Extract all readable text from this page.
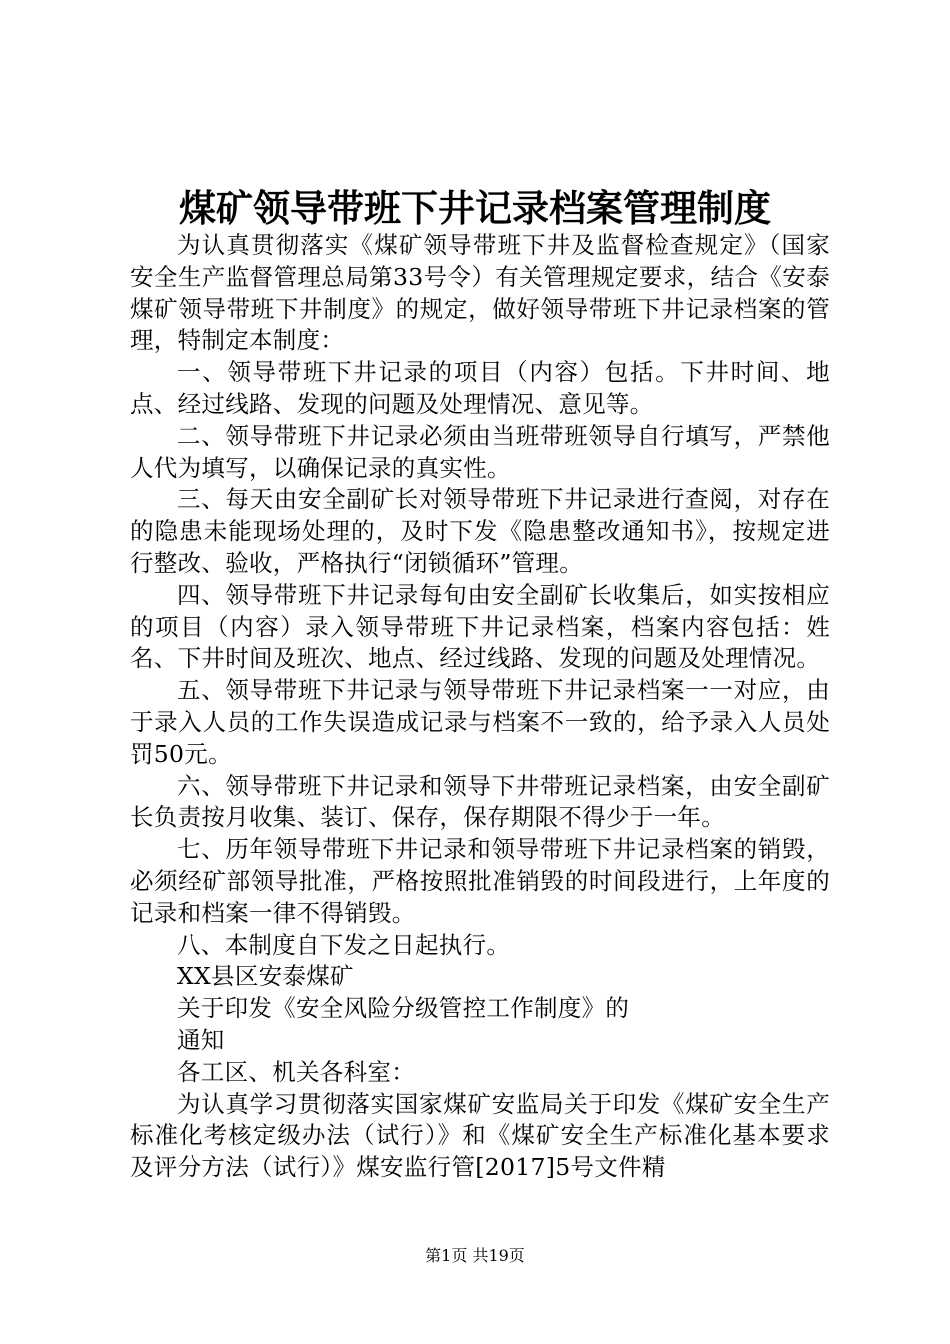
煤矿领导带班下井记录档案管理制度

为认真贯彻落实《煤矿领导带班下井及监督检查规定》（国家安全生产监督管理总局第33号令）有关管理规定要求，结合《安泰煤矿领导带班下井制度》的规定，做好领导带班下井记录档案的管理，特制定本制度：

一、领导带班下井记录的项目（内容）包括。下井时间、地点、经过线路、发现的问题及处理情况、意见等。

二、领导带班下井记录必须由当班带班领导自行填写，严禁他人代为填写，以确保记录的真实性。

三、每天由安全副矿长对领导带班下井记录进行查阅，对存在的隐患未能现场处理的，及时下发《隐患整改通知书》，按规定进行整改、验收，严格执行“闭锁循环”管理。

四、领导带班下井记录每旬由安全副矿长收集后，如实按相应的项目（内容）录入领导带班下井记录档案，档案内容包括：姓名、下井时间及班次、地点、经过线路、发现的问题及处理情况。

五、领导带班下井记录与领导带班下井记录档案一一对应，由于录入人员的工作失误造成记录与档案不一致的，给予录入人员处罚50元。

六、领导带班下井记录和领导下井带班记录档案，由安全副矿长负责按月收集、装订、保存，保存期限不得少于一年。

七、历年领导带班下井记录和领导带班下井记录档案的销毁，必须经矿部领导批准，严格按照批准销毁的时间段进行，上年度的记录和档案一律不得销毁。

八、本制度自下发之日起执行。

XX县区安泰煤矿

关于印发《安全风险分级管控工作制度》的

通知

各工区、机关各科室：

为认真学习贯彻落实国家煤矿安监局关于印发《煤矿安全生产标准化考核定级办法（试行）》和《煤矿安全生产标准化基本要求及评分方法（试行）》煤安监行管[2017]5号文件精

第1页 共19页
